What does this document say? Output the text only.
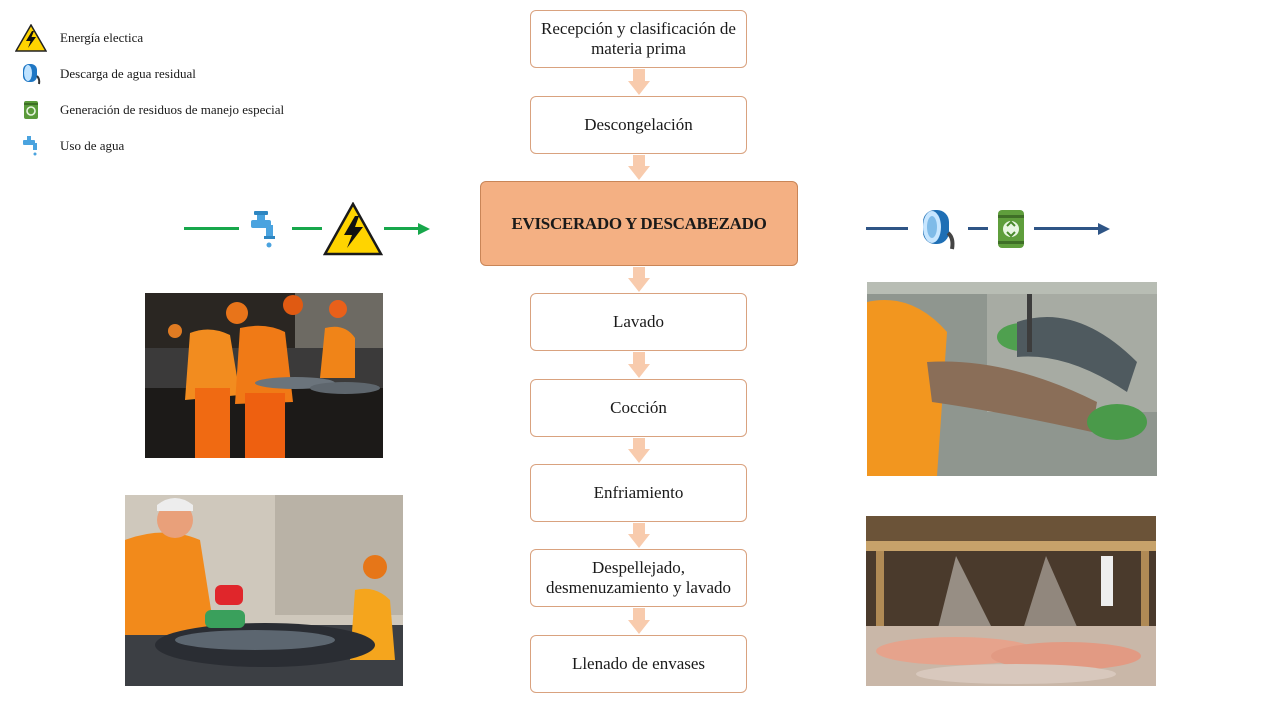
Energía electica
Descarga de agua residual
Generación de residuos de manejo especial
Uso de agua
Recepción y clasificación de materia prima
Descongelación
EVISCERADO Y DESCABEZADO
Lavado
Cocción
Enfriamiento
Despellejado, desmenuzamiento y lavado
Llenado de envases
